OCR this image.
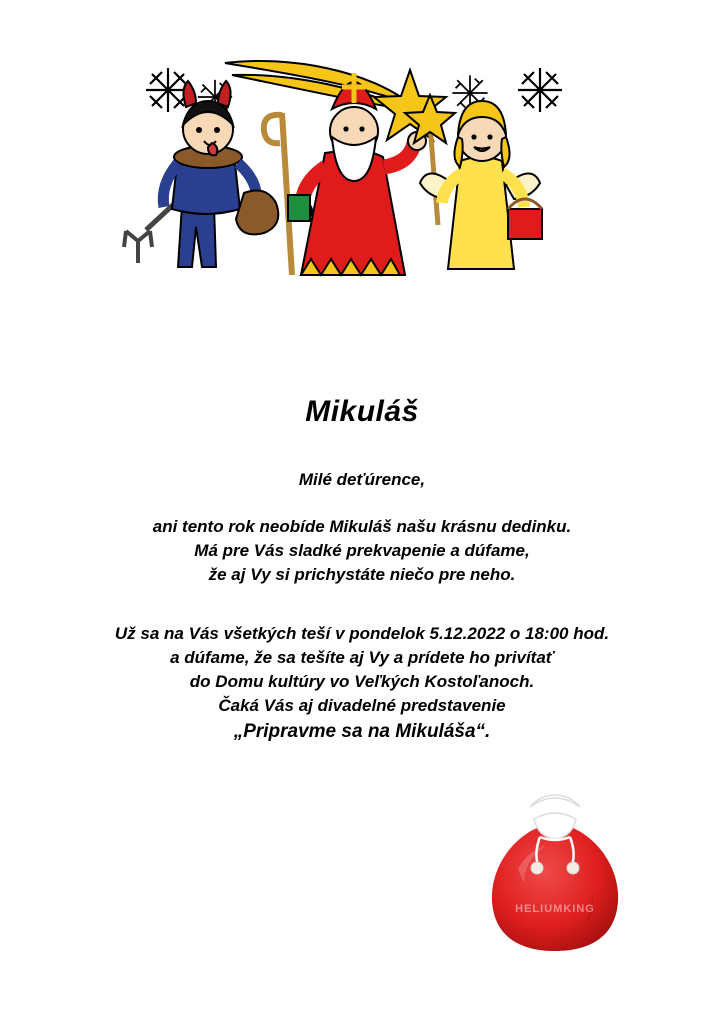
Mikuláš
Milé deťúrence,
ani tento rok neobíde Mikuláš našu krásnu dedinku.
Má pre Vás sladké prekvapenie a dúfame,
že aj Vy si prichystáte niečo pre neho.
Už sa na Vás všetkých teší v pondelok 5.12.2022 o 18:00 hod.
a dúfame, že sa tešíte aj Vy a prídete ho privítať
do Domu kultúry vo Veľkých Kostoľanoch.
Čaká Vás aj divadelné predstavenie
„Pripravme sa na Mikuláša“.
HELIUMKING
